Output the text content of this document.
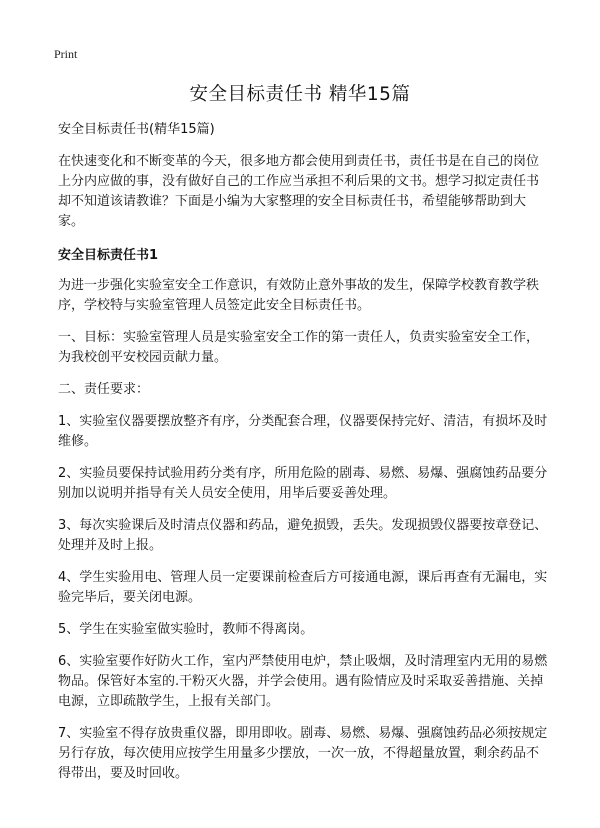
Print
安全目标责任书 精华15篇

安全目标责任书(精华15篇)

在快速变化和不断变革的今天，很多地方都会使用到责任书，责任书是在自己的岗位上分内应做的事，没有做好自己的工作应当承担不利后果的文书。想学习拟定责任书却不知道该请教谁？下面是小编为大家整理的安全目标责任书，希望能够帮助到大家。

安全目标责任书1

为进一步强化实验室安全工作意识，有效防止意外事故的发生，保障学校教育教学秩序，学校特与实验室管理人员签定此安全目标责任书。

一、目标：实验室管理人员是实验室安全工作的第一责任人，负责实验室安全工作，为我校创平安校园贡献力量。

二、责任要求：

1、实验室仪器要摆放整齐有序，分类配套合理，仪器要保持完好、清洁，有损坏及时维修。

2、实验员要保持试验用药分类有序，所用危险的剧毒、易燃、易爆、强腐蚀药品要分别加以说明并指导有关人员安全使用，用毕后要妥善处理。

3、每次实验课后及时清点仪器和药品，避免损毁，丢失。发现损毁仪器要按章登记、处理并及时上报。

4、学生实验用电、管理人员一定要课前检查后方可接通电源，课后再查有无漏电，实验完毕后，要关闭电源。

5、学生在实验室做实验时，教师不得离岗。

6、实验室要作好防火工作，室内严禁使用电炉，禁止吸烟，及时清理室内无用的易燃物品。保管好本室的.干粉灭火器，并学会使用。遇有险情应及时采取妥善措施、关掉电源，立即疏散学生，上报有关部门。

7、实验室不得存放贵重仪器，即用即收。剧毒、易燃、易爆、强腐蚀药品必须按规定另行存放，每次使用应按学生用量多少摆放，一次一放，不得超量放置，剩余药品不得带出，要及时回收。
